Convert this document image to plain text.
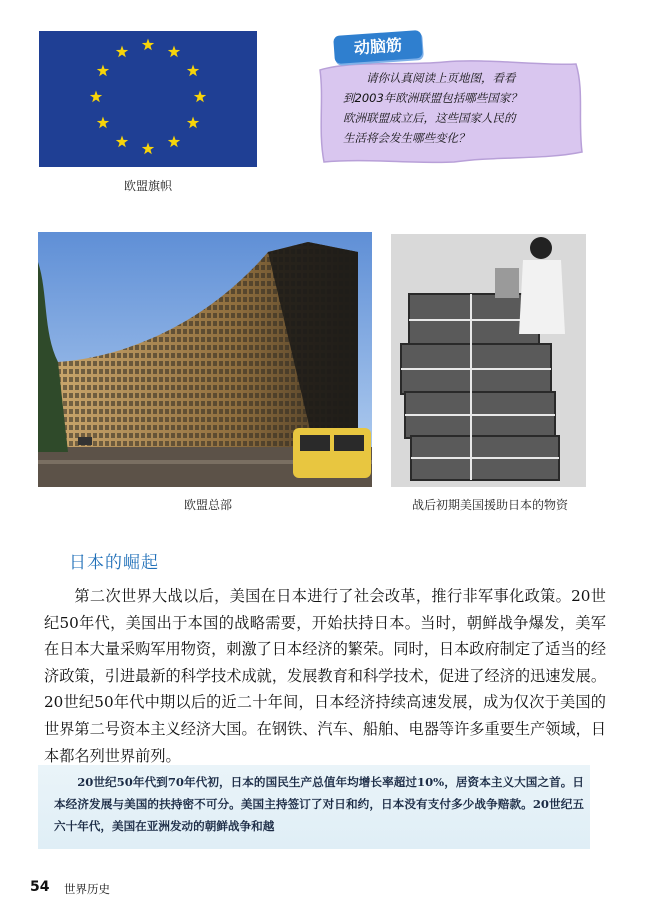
欧盟旗帜
动脑筋

请你认真阅读上页地图，看看

到2003年欧洲联盟包括哪些国家？

欧洲联盟成立后，这些国家人民的

生活将会发生哪些变化？

欧盟总部	战后初期美国援助日本的物资
日本的崛起

第二次世界大战以后，美国在日本进行了社会改革，推行非军事化政策。20世纪50年代，美国出于本国的战略需要，开始扶持日本。当时，朝鲜战争爆发，美军在日本大量采购军用物资，刺激了日本经济的繁荣。同时，日本政府制定了适当的经济政策，引进最新的科学技术成就，发展教育和科学技术，促进了经济的迅速发展。20世纪50年代中期以后的近二十年间，日本经济持续高速发展，成为仅次于美国的世界第二号资本主义经济大国。在钢铁、汽车、船舶、电器等许多重要生产领域，日本都名列世界前列。

20世纪50年代到70年代初，日本的国民生产总值年均增长率超过10%，居资本主义大国之首。日本经济发展与美国的扶持密不可分。美国主持签订了对日和约，日本没有支付多少战争赔款。20世纪五六十年代，美国在亚洲发动的朝鲜战争和越

54 世界历史
